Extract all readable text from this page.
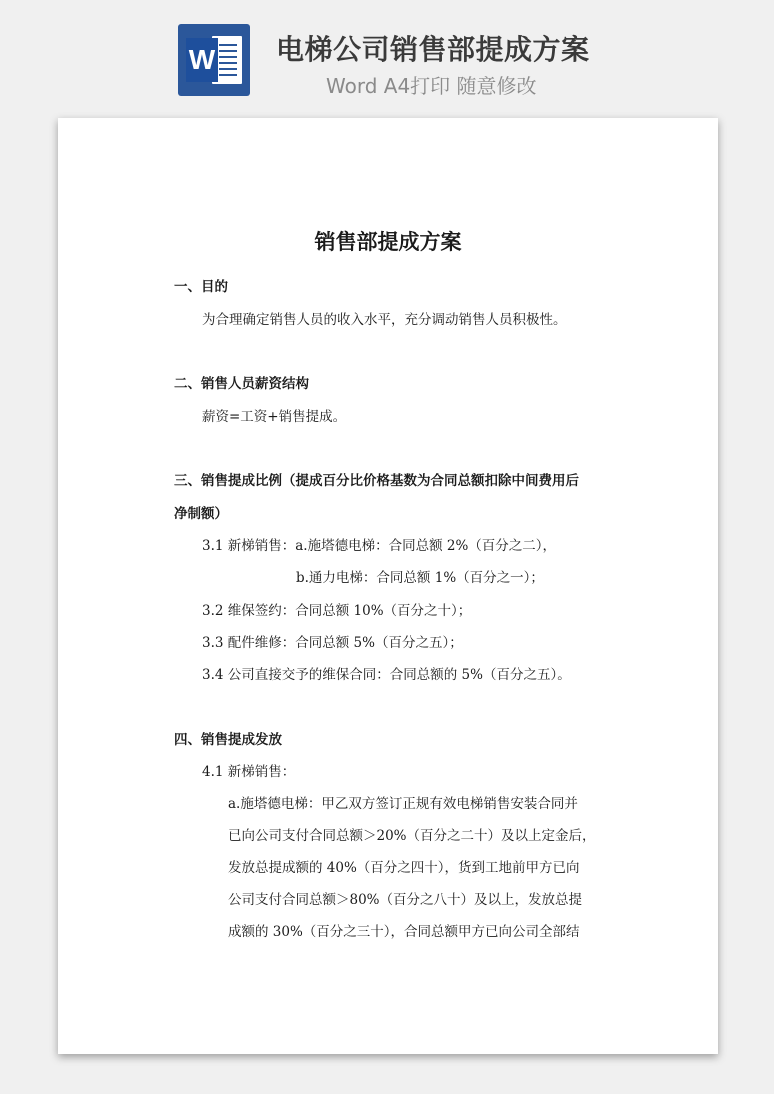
W 电梯公司销售部提成方案
Word A4打印 随意修改
销售部提成方案
一、目的
为合理确定销售人员的收入水平，充分调动销售人员积极性。
二、销售人员薪资结构
薪资=工资+销售提成。
三、销售提成比例（提成百分比价格基数为合同总额扣除中间费用后
净制额）
3.1 新梯销售：a.施塔德电梯：合同总额 2%（百分之二），
b.通力电梯：合同总额 1%（百分之一）；
3.2 维保签约：合同总额 10%（百分之十）；
3.3 配件维修：合同总额 5%（百分之五）；
3.4 公司直接交予的维保合同：合同总额的 5%（百分之五）。
四、销售提成发放
4.1 新梯销售：
a.施塔德电梯：甲乙双方签订正规有效电梯销售安装合同并
已向公司支付合同总额＞20%（百分之二十）及以上定金后，
发放总提成额的 40%（百分之四十），货到工地前甲方已向
公司支付合同总额＞80%（百分之八十）及以上，发放总提
成额的 30%（百分之三十），合同总额甲方已向公司全部结
